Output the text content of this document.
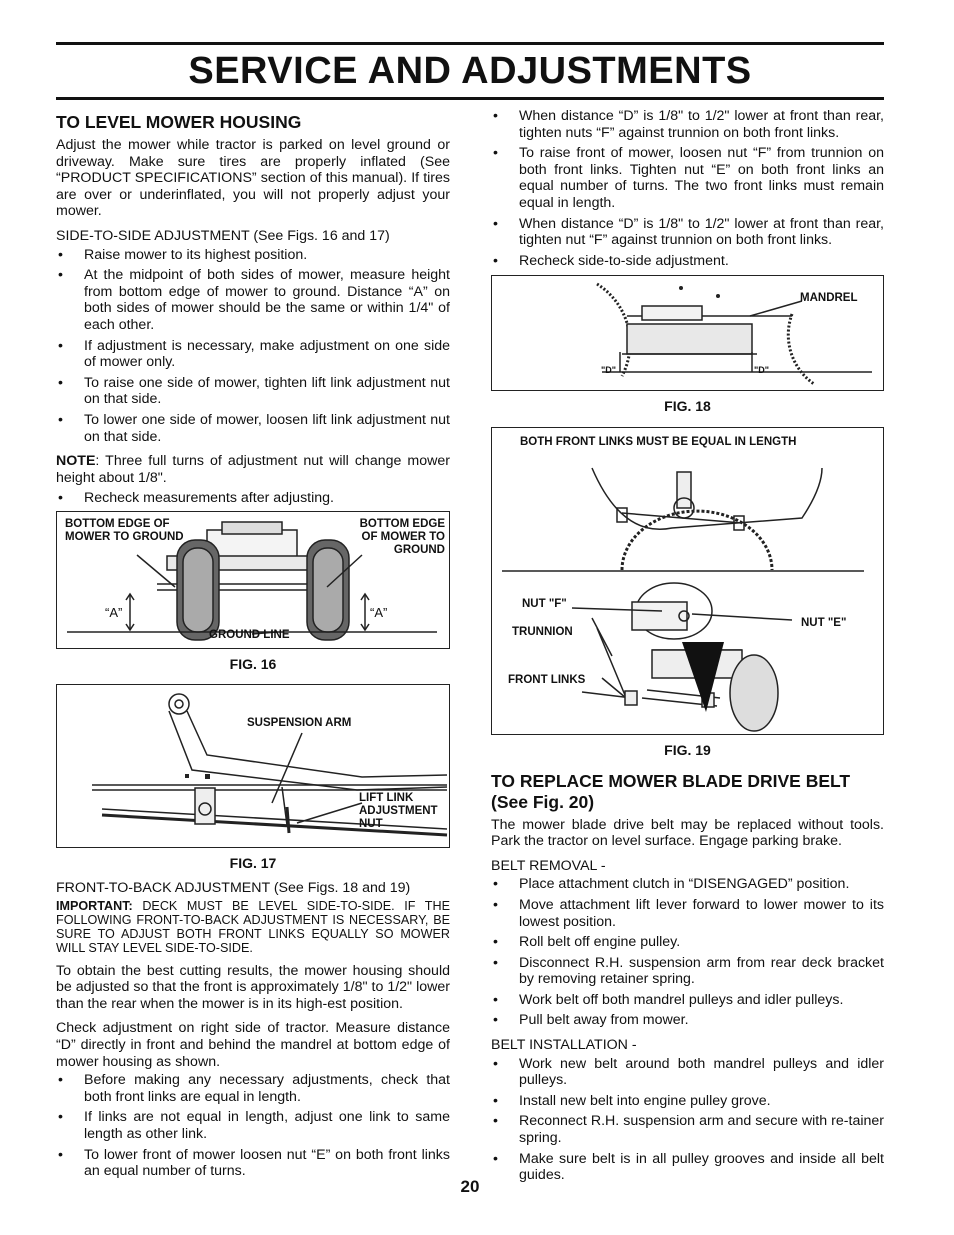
SERVICE AND ADJUSTMENTS
TO LEVEL MOWER HOUSING

Adjust the mower while tractor is parked on level ground or driveway. Make sure tires are properly inflated (See “PRODUCT SPECIFICATIONS” section of this manual). If tires are over or underinflated, you will not properly adjust your mower.

SIDE-TO-SIDE ADJUSTMENT (See Figs. 16 and 17)
• Raise mower to its highest position.
• At the midpoint of both sides of mower, measure height from bottom edge of mower to ground. Distance “A” on both sides of mower should be the same or within 1/4" of each other.
• If adjustment is necessary, make adjustment on one side of mower only.
• To raise one side of mower, tighten lift link adjustment nut on that side.
• To lower one side of mower, loosen lift link adjustment nut on that side.

NOTE: Three full turns of adjustment nut will change mower height about 1/8".

• Recheck measurements after adjusting.
BOTTOM EDGE OF MOWER TO GROUND
BOTTOM EDGE OF MOWER TO GROUND
“A”	“A”
GROUND LINE
FIG. 16
SUSPENSION ARM
LIFT LINK ADJUSTMENT NUT
FIG. 17
FRONT-TO-BACK ADJUSTMENT (See Figs. 18 and 19)
IMPORTANT: DECK MUST BE LEVEL SIDE-TO-SIDE. IF THE FOLLOWING FRONT-TO-BACK ADJUSTMENT IS NECESSARY, BE SURE TO ADJUST BOTH FRONT LINKS EQUALLY SO MOWER WILL STAY LEVEL SIDE-TO-SIDE.

To obtain the best cutting results, the mower housing should be adjusted so that the front is approximately 1/8" to 1/2" lower than the rear when the mower is in its high-est position.

Check adjustment on right side of tractor. Measure distance “D” directly in front and behind the mandrel at bottom edge of mower housing as shown.

• Before making any necessary adjustments, check that both front links are equal in length.
• If links are not equal in length, adjust one link to same length as other link.
• To lower front of mower loosen nut “E” on both front links an equal number of turns.
• When distance “D” is 1/8" to 1/2" lower at front than rear, tighten nuts “F” against trunnion on both front links.
• To raise front of mower, loosen nut “F” from trunnion on both front links. Tighten nut “E” on both front links an equal number of turns. The two front links must remain equal in length.
• When distance “D” is 1/8" to 1/2" lower at front than rear, tighten nut “F” against trunnion on both front links.
• Recheck side-to-side adjustment.
MANDREL
"D"	"D"
FIG. 18
BOTH FRONT LINKS MUST BE EQUAL IN LENGTH
NUT "F"
TRUNNION
FRONT LINKS
NUT "E"
FIG. 19
TO REPLACE MOWER BLADE DRIVE BELT
(See Fig. 20)

The mower blade drive belt may be replaced without tools. Park the tractor on level surface. Engage parking brake.

BELT REMOVAL -
• Place attachment clutch in “DISENGAGED” position.
• Move attachment lift lever forward to lower mower to its lowest position.
• Roll belt off engine pulley.
• Disconnect R.H. suspension arm from rear deck bracket by removing retainer spring.
• Work belt off both mandrel pulleys and idler pulleys.
• Pull belt away from mower.
BELT INSTALLATION -
• Work new belt around both mandrel pulleys and idler pulleys.
• Install new belt into engine pulley grove.
• Reconnect R.H. suspension arm and secure with re-tainer spring.
• Make sure belt is in all pulley grooves and inside all belt guides.
20
